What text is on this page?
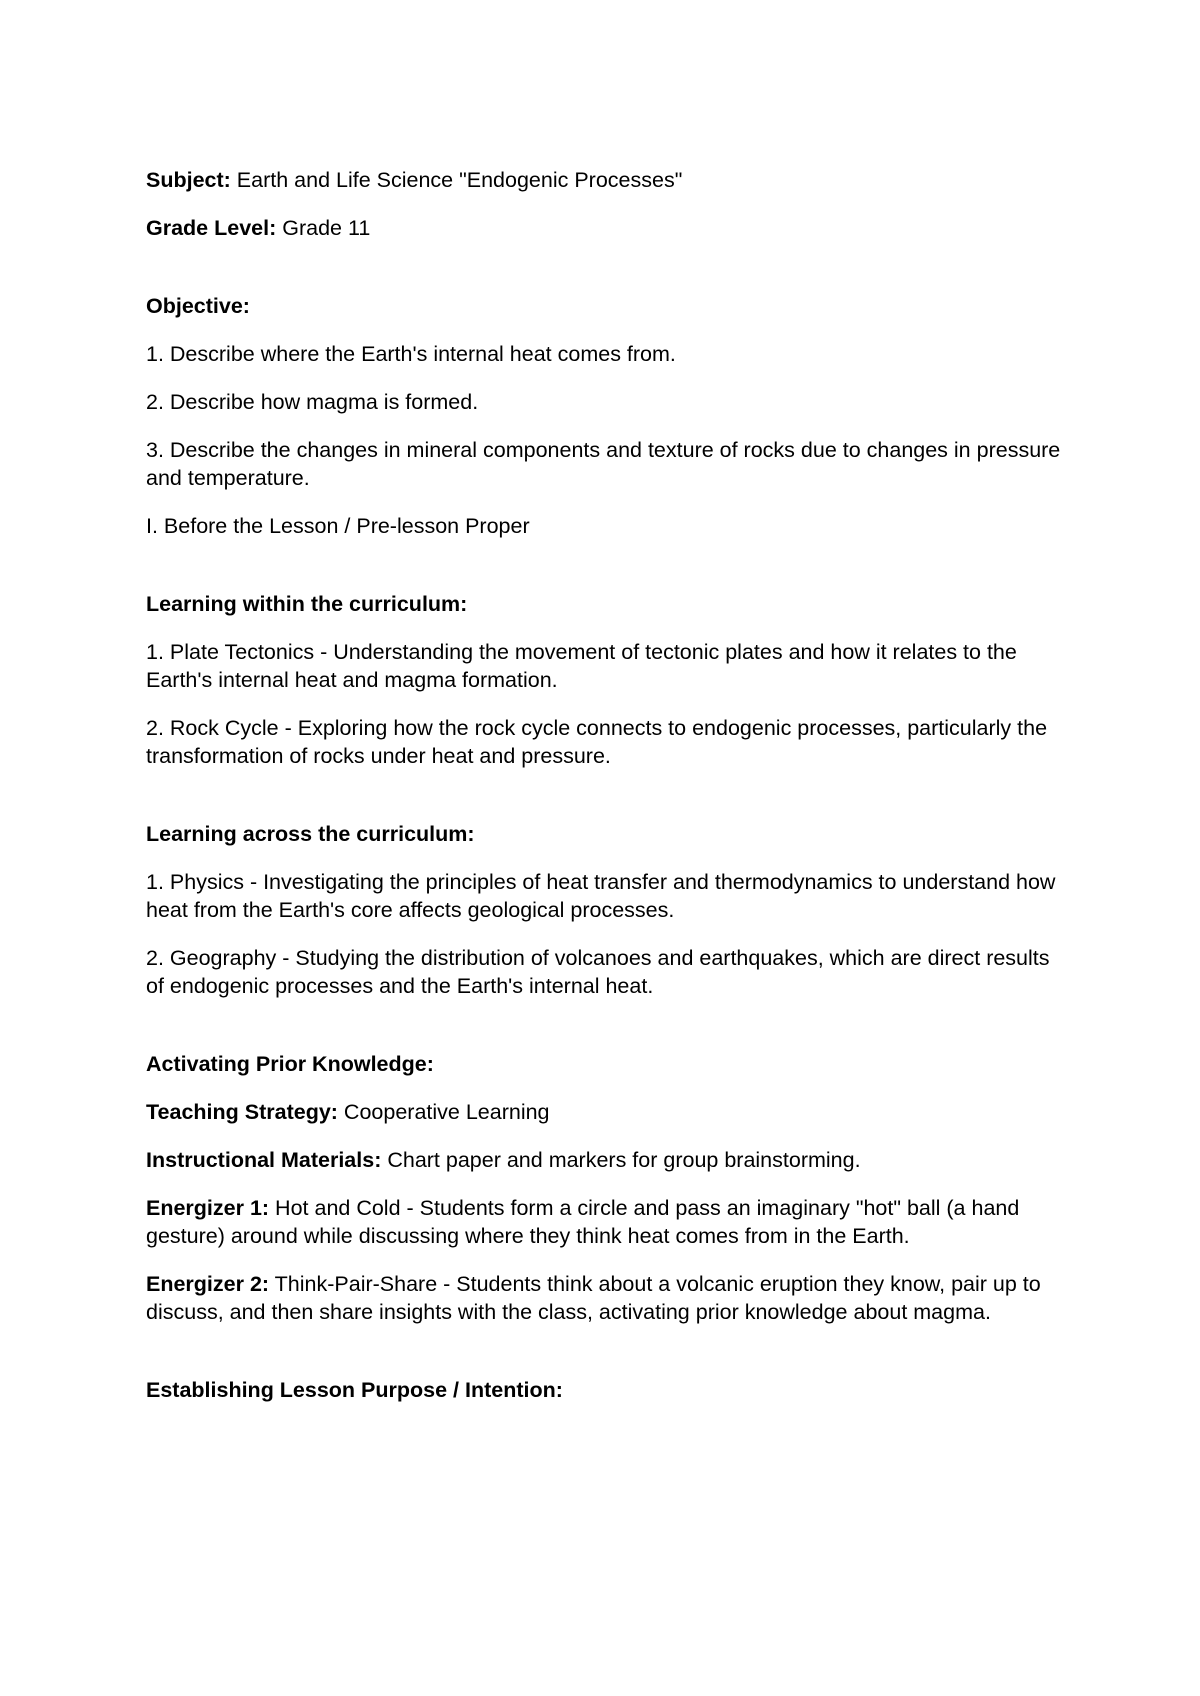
Subject: Earth and Life Science "Endogenic Processes"

Grade Level: Grade 11

Objective:

1. Describe where the Earth's internal heat comes from.

2. Describe how magma is formed.

3. Describe the changes in mineral components and texture of rocks due to changes in pressure and temperature.

I. Before the Lesson / Pre-lesson Proper

Learning within the curriculum:

1. Plate Tectonics - Understanding the movement of tectonic plates and how it relates to the Earth's internal heat and magma formation.

2. Rock Cycle - Exploring how the rock cycle connects to endogenic processes, particularly the transformation of rocks under heat and pressure.

Learning across the curriculum:

1. Physics - Investigating the principles of heat transfer and thermodynamics to understand how heat from the Earth's core affects geological processes.

2. Geography - Studying the distribution of volcanoes and earthquakes, which are direct results of endogenic processes and the Earth's internal heat.

Activating Prior Knowledge:

Teaching Strategy: Cooperative Learning

Instructional Materials: Chart paper and markers for group brainstorming.

Energizer 1: Hot and Cold - Students form a circle and pass an imaginary "hot" ball (a hand gesture) around while discussing where they think heat comes from in the Earth.

Energizer 2: Think-Pair-Share - Students think about a volcanic eruption they know, pair up to discuss, and then share insights with the class, activating prior knowledge about magma.

Establishing Lesson Purpose / Intention:
